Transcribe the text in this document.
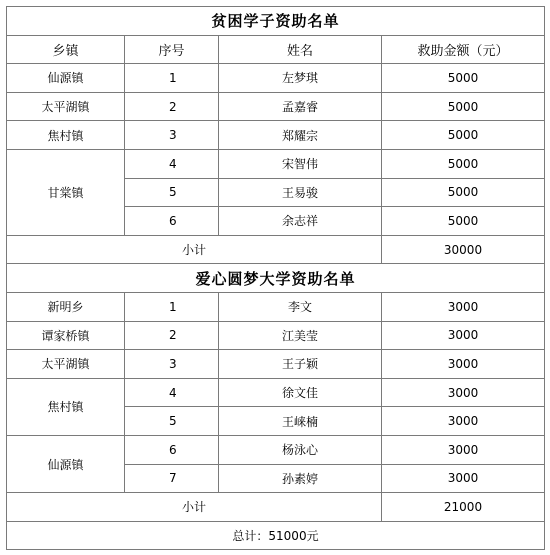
贫困学子资助名单			
乡镇	序号	姓名	救助金额（元）
仙源镇	1	左梦琪	5000
太平湖镇	2	孟嘉睿	5000
焦村镇	3	郑耀宗	5000
甘棠镇	4	宋智伟	5000
	5	王易骏	5000
	6	余志祥	5000
小计			30000
爱心圆梦大学资助名单			
新明乡	1	李文	3000
谭家桥镇	2	江美莹	3000
太平湖镇	3	王子颖	3000
焦村镇	4	徐文佳	3000
	5	王崃楠	3000
仙源镇	6	杨泳心	3000
	7	孙素婷	3000
小计			21000
总计：51000元			
